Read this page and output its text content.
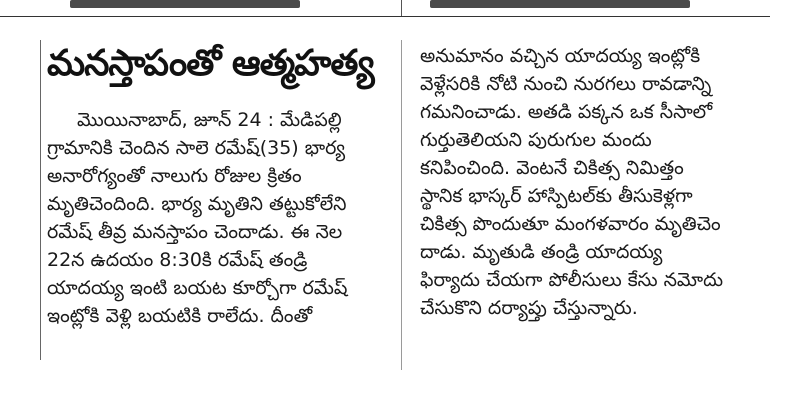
మనస్తాపంతో ఆత్మహత్య
మొయినాబాద్, జూన్ 24 : మేడిపల్లి
గ్రామానికి చెందిన సాలె రమేష్(35) భార్య
అనారోగ్యంతో నాలుగు రోజుల క్రితం
మృతిచెందింది. భార్య మృతిని తట్టుకోలేని
రమేష్ తీవ్ర మనస్తాపం చెందాడు. ఈ నెల
22న ఉదయం 8:30కి రమేష్ తండ్రి
యాదయ్య ఇంటి బయట కూర్చోగా రమేష్
ఇంట్లోకి వెళ్లి బయటికి రాలేదు. దీంతో
అనుమానం వచ్చిన యాదయ్య ఇంట్లోకి
వెళ్లేసరికి నోటి నుంచి నురగలు రావడాన్ని
గమనించాడు. అతడి పక్కన ఒక సీసాలో
గుర్తుతెలియని పురుగుల మందు
కనిపించింది. వెంటనే చికిత్స నిమిత్తం
స్థానిక భాస్కర్ హాస్పిటల్‌కు తీసుకెళ్లగా
చికిత్స పొందుతూ మంగళవారం మృతిచెం
దాడు. మృతుడి తండ్రి యాదయ్య
ఫిర్యాదు చేయగా పోలీసులు కేసు నమోదు
చేసుకొని దర్యాప్తు చేస్తున్నారు.
